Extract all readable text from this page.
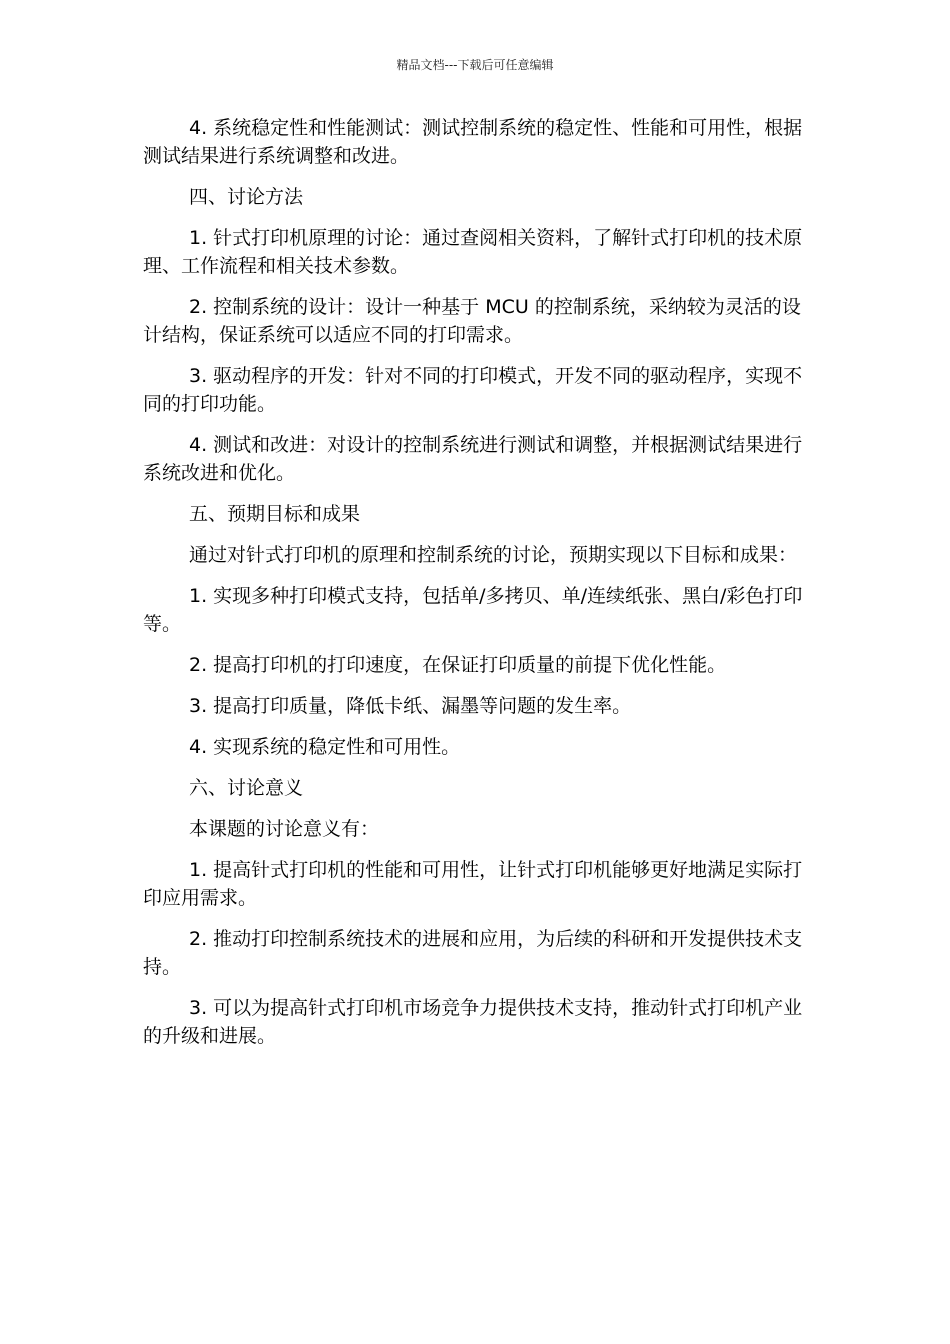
精品文档---下载后可任意编辑

4. 系统稳定性和性能测试：测试控制系统的稳定性、性能和可用性，根据测试结果进行系统调整和改进。

四、讨论方法

1. 针式打印机原理的讨论：通过查阅相关资料，了解针式打印机的技术原理、工作流程和相关技术参数。

2. 控制系统的设计：设计一种基于 MCU 的控制系统，采纳较为灵活的设计结构，保证系统可以适应不同的打印需求。

3. 驱动程序的开发：针对不同的打印模式，开发不同的驱动程序，实现不同的打印功能。

4. 测试和改进：对设计的控制系统进行测试和调整，并根据测试结果进行系统改进和优化。

五、预期目标和成果

通过对针式打印机的原理和控制系统的讨论，预期实现以下目标和成果：

1. 实现多种打印模式支持，包括单/多拷贝、单/连续纸张、黑白/彩色打印等。

2. 提高打印机的打印速度，在保证打印质量的前提下优化性能。

3. 提高打印质量，降低卡纸、漏墨等问题的发生率。

4. 实现系统的稳定性和可用性。

六、讨论意义

本课题的讨论意义有：

1. 提高针式打印机的性能和可用性，让针式打印机能够更好地满足实际打印应用需求。

2. 推动打印控制系统技术的进展和应用，为后续的科研和开发提供技术支持。

3. 可以为提高针式打印机市场竞争力提供技术支持，推动针式打印机产业的升级和进展。
